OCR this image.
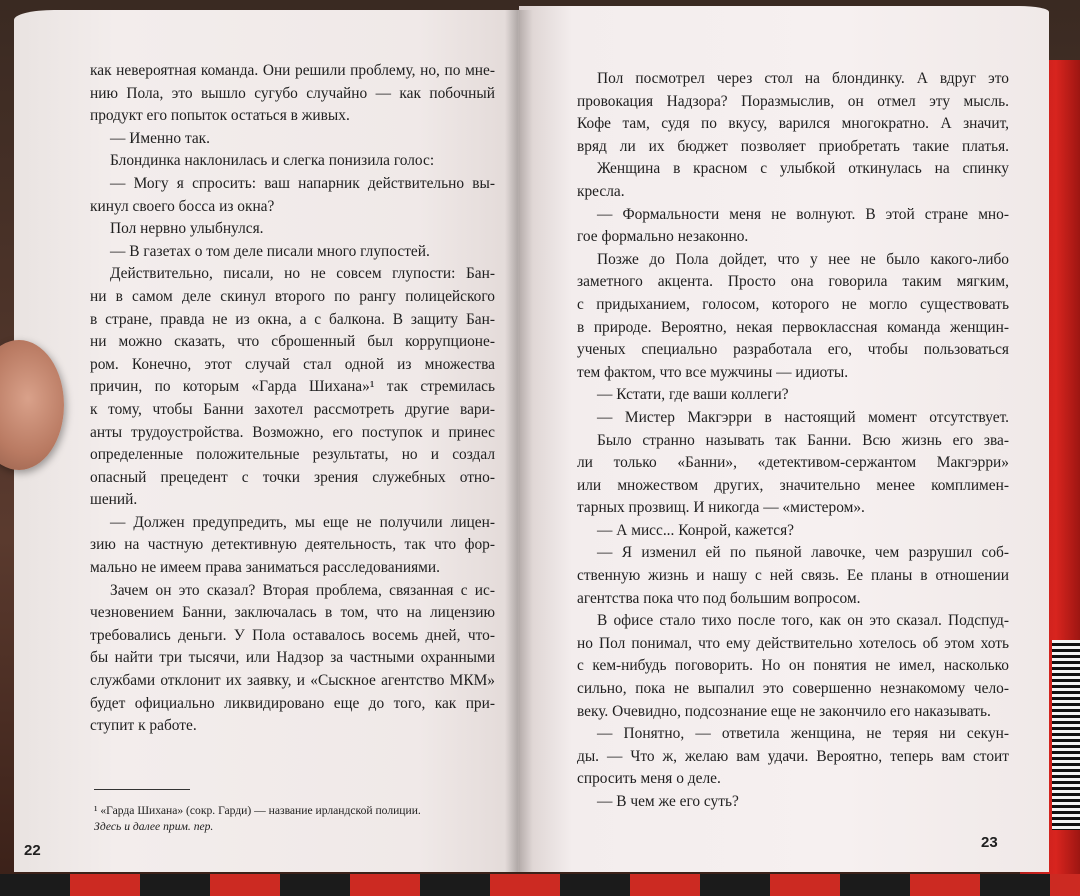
как невероятная команда. Они решили проблему, но, по мне-
нию Пола, это вышло сугубо случайно — как побочный
продукт его попыток остаться в живых.
— Именно так.
Блондинка наклонилась и слегка понизила голос:
— Могу я спросить: ваш напарник действительно вы-
кинул своего босса из окна?
Пол нервно улыбнулся.
— В газетах о том деле писали много глупостей.
Действительно, писали, но не совсем глупости: Бан-
ни в самом деле скинул второго по рангу полицейского
в стране, правда не из окна, а с балкона. В защиту Бан-
ни можно сказать, что сброшенный был коррупционе-
ром. Конечно, этот случай стал одной из множества
причин, по которым «Гарда Шихана»¹ так стремилась
к тому, чтобы Банни захотел рассмотреть другие вари-
анты трудоустройства. Возможно, его поступок и принес
определенные положительные результаты, но и создал
опасный прецедент с точки зрения служебных отно-
шений.
— Должен предупредить, мы еще не получили лицен-
зию на частную детективную деятельность, так что фор-
мально не имеем права заниматься расследованиями.
Зачем он это сказал? Вторая проблема, связанная с ис-
чезновением Банни, заключалась в том, что на лицензию
требовались деньги. У Пола оставалось восемь дней, что-
бы найти три тысячи, или Надзор за частными охранными
службами отклонит их заявку, и «Сыскное агентство МКМ»
будет официально ликвидировано еще до того, как при-
ступит к работе.
¹ «Гарда Шихана» (сокр. Гарди) — название ирландской полиции.
Здесь и далее прим. пер.
22
Пол посмотрел через стол на блондинку. А вдруг это
провокация Надзора? Поразмыслив, он отмел эту мысль.
Кофе там, судя по вкусу, варился многократно. А значит,
вряд ли их бюджет позволяет приобретать такие платья.
Женщина в красном с улыбкой откинулась на спинку
кресла.
— Формальности меня не волнуют. В этой стране мно-
гое формально незаконно.
Позже до Пола дойдет, что у нее не было какого-либо
заметного акцента. Просто она говорила таким мягким,
с придыханием, голосом, которого не могло существовать
в природе. Вероятно, некая первоклассная команда женщин-
ученых специально разработала его, чтобы пользоваться
тем фактом, что все мужчины — идиоты.
— Кстати, где ваши коллеги?
— Мистер Макгэрри в настоящий момент отсутствует.
Было странно называть так Банни. Всю жизнь его зва-
ли только «Банни», «детективом-сержантом Макгэрри»
или множеством других, значительно менее комплимен-
тарных прозвищ. И никогда — «мистером».
— А мисс... Конрой, кажется?
— Я изменил ей по пьяной лавочке, чем разрушил соб-
ственную жизнь и нашу с ней связь. Ее планы в отношении
агентства пока что под большим вопросом.
В офисе стало тихо после того, как он это сказал. Подспуд-
но Пол понимал, что ему действительно хотелось об этом хоть
с кем-нибудь поговорить. Но он понятия не имел, насколько
сильно, пока не выпалил это совершенно незнакомому чело-
веку. Очевидно, подсознание еще не закончило его наказывать.
— Понятно, — ответила женщина, не теряя ни секун-
ды. — Что ж, желаю вам удачи. Вероятно, теперь вам стоит
спросить меня о деле.
— В чем же его суть?
23
